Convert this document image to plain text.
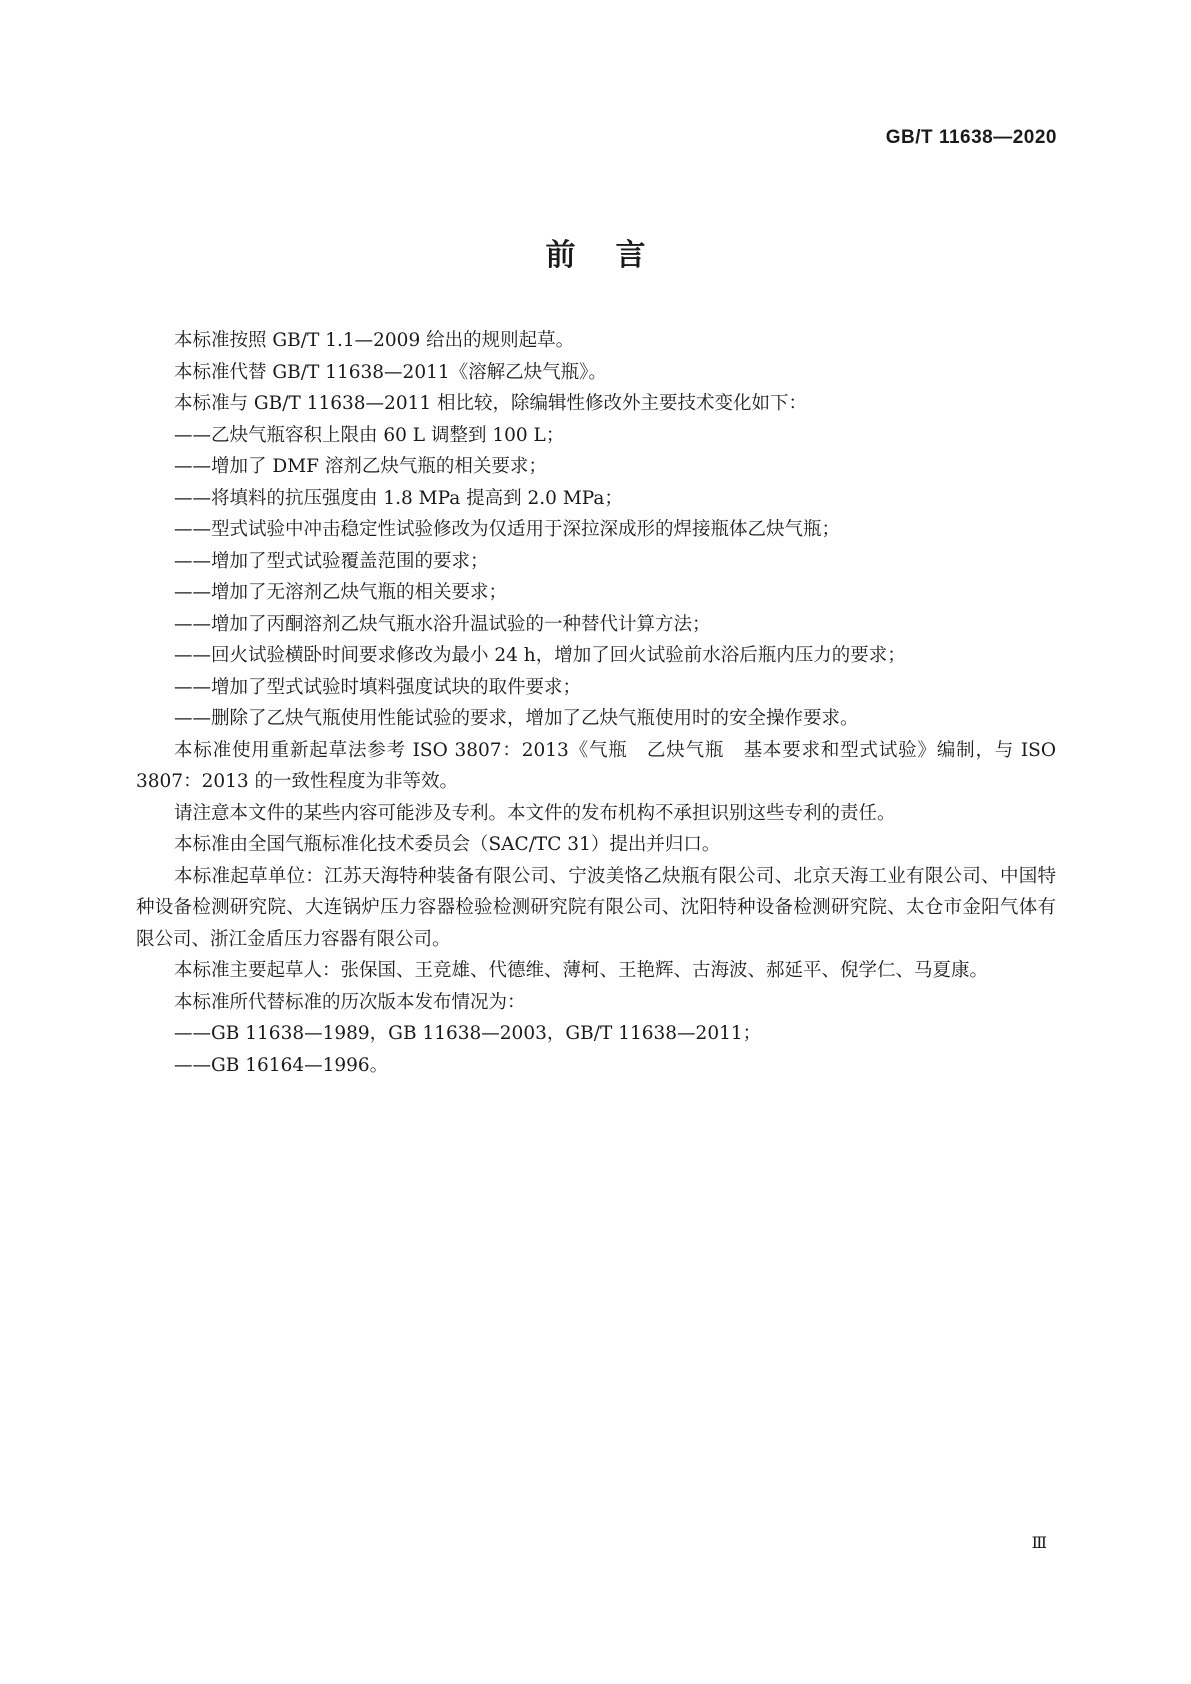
GB/T 11638—2020
前言

本标准按照 GB/T 1.1—2009 给出的规则起草。

本标准代替 GB/T 11638—2011《溶解乙炔气瓶》。

本标准与 GB/T 11638—2011 相比较，除编辑性修改外主要技术变化如下：

——乙炔气瓶容积上限由 60 L 调整到 100 L；

——增加了 DMF 溶剂乙炔气瓶的相关要求；

——将填料的抗压强度由 1.8 MPa 提高到 2.0 MPa；

——型式试验中冲击稳定性试验修改为仅适用于深拉深成形的焊接瓶体乙炔气瓶；

——增加了型式试验覆盖范围的要求；

——增加了无溶剂乙炔气瓶的相关要求；

——增加了丙酮溶剂乙炔气瓶水浴升温试验的一种替代计算方法；

——回火试验横卧时间要求修改为最小 24 h，增加了回火试验前水浴后瓶内压力的要求；

——增加了型式试验时填料强度试块的取件要求；

——删除了乙炔气瓶使用性能试验的要求，增加了乙炔气瓶使用时的安全操作要求。

本标准使用重新起草法参考 ISO 3807：2013《气瓶　乙炔气瓶　基本要求和型式试验》编制，与 ISO 3807：2013 的一致性程度为非等效。

请注意本文件的某些内容可能涉及专利。本文件的发布机构不承担识别这些专利的责任。

本标准由全国气瓶标准化技术委员会（SAC/TC 31）提出并归口。

本标准起草单位：江苏天海特种装备有限公司、宁波美恪乙炔瓶有限公司、北京天海工业有限公司、中国特种设备检测研究院、大连锅炉压力容器检验检测研究院有限公司、沈阳特种设备检测研究院、太仓市金阳气体有限公司、浙江金盾压力容器有限公司。

本标准主要起草人：张保国、王竞雄、代德维、薄柯、王艳辉、古海波、郝延平、倪学仁、马夏康。

本标准所代替标准的历次版本发布情况为：

——GB 11638—1989，GB 11638—2003，GB/T 11638—2011；

——GB 16164—1996。

Ⅲ
